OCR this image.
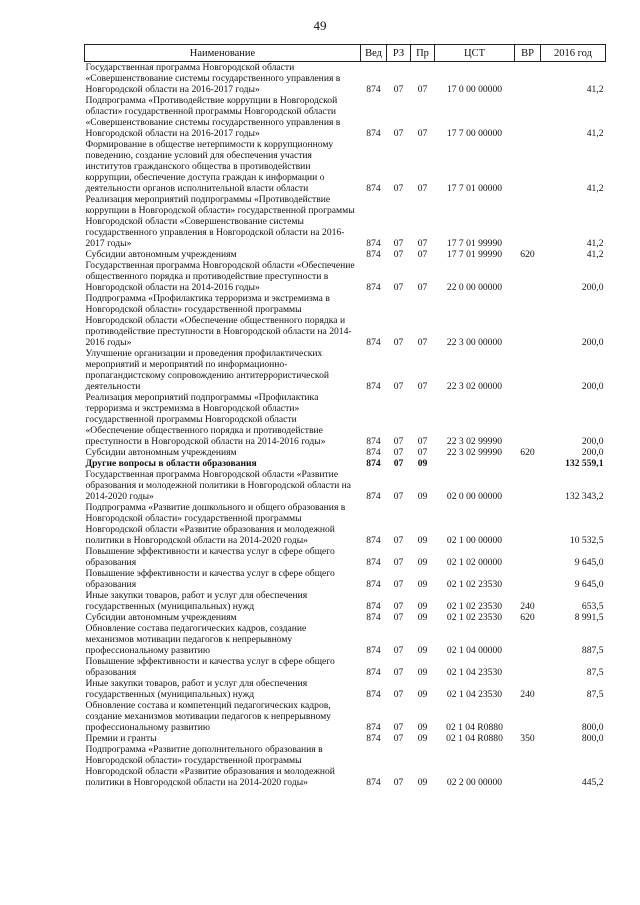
49
Наименование	Вед	РЗ	Пр	ЦСТ	ВР	2016 год
Государственная программа Новгородской области «Совершенствование системы государственного управления в Новгородской области на 2016-2017 годы»	874	07	07	17 0 00 00000		41,2
Подпрограмма «Противодействие коррупции в Новгородской области» государственной программы Новгородской области «Совершенствование системы государственного управления в Новгородской области на 2016-2017 годы»	874	07	07	17 7 00 00000		41,2
Формирование в обществе нетерпимости к коррупционному поведению, создание условий для обеспечения участия институтов гражданского общества в противодействии коррупции, обеспечение доступа граждан к информации о деятельности органов исполнительной власти области	874	07	07	17 7 01 00000		41,2
Реализация мероприятий подпрограммы «Противодействие коррупции в Новгородской области» государственной программы Новгородской области «Совершенствование системы государственного управления в Новгородской области на 2016-2017 годы»	874	07	07	17 7 01 99990		41,2
Субсидии автономным учреждениям	874	07	07	17 7 01 99990	620	41,2
Государственная программа Новгородской области «Обеспечение общественного порядка и противодействие преступности в Новгородской области на 2014-2016 годы»	874	07	07	22 0 00 00000		200,0
Подпрограмма «Профилактика терроризма и экстремизма в Новгородской области» государственной программы Новгородской области «Обеспечение общественного порядка и противодействие преступности в Новгородской области на 2014-2016 годы»	874	07	07	22 3 00 00000		200,0
Улучшение организации и проведения профилактических мероприятий и мероприятий по информационно-пропагандистскому сопровождению антитеррористической деятельности	874	07	07	22 3 02 00000		200,0
Реализация мероприятий подпрограммы «Профилактика терроризма и экстремизма в Новгородской области» государственной программы Новгородской области «Обеспечение общественного порядка и противодействие преступности в Новгородской области на 2014-2016 годы»	874	07	07	22 3 02 99990		200,0
Субсидии автономным учреждениям	874	07	07	22 3 02 99990	620	200,0
Другие вопросы в области образования	874	07	09			132 559,1
Государственная программа Новгородской области «Развитие образования и молодежной политики в Новгородской области на 2014-2020 годы»	874	07	09	02 0 00 00000		132 343,2
Подпрограмма «Развитие дошкольного и общего образования в Новгородской области» государственной программы Новгородской области «Развитие образования и молодежной политики в Новгородской области на 2014-2020 годы»	874	07	09	02 1 00 00000		10 532,5
Повышение эффективности и качества услуг в сфере общего образования	874	07	09	02 1 02 00000		9 645,0
Повышение эффективности и качества услуг в сфере общего образования	874	07	09	02 1 02 23530		9 645,0
Иные закупки товаров, работ и услуг для обеспечения государственных (муниципальных) нужд	874	07	09	02 1 02 23530	240	653,5
Субсидии автономным учреждениям	874	07	09	02 1 02 23530	620	8 991,5
Обновление состава педагогических кадров, создание механизмов мотивации педагогов к непрерывному профессиональному развитию	874	07	09	02 1 04 00000		887,5
Повышение эффективности и качества услуг в сфере общего образования	874	07	09	02 1 04 23530		87,5
Иные закупки товаров, работ и услуг для обеспечения государственных (муниципальных) нужд	874	07	09	02 1 04 23530	240	87,5
Обновление состава и компетенций педагогических кадров, создание механизмов мотивации педагогов к непрерывному профессиональному развитию	874	07	09	02 1 04 R0880		800,0
Премии и гранты	874	07	09	02 1 04 R0880	350	800,0
Подпрограмма «Развитие дополнительного образования в Новгородской области» государственной программы Новгородской области «Развитие образования и молодежной политики в Новгородской области на 2014-2020 годы»	874	07	09	02 2 00 00000		445,2
